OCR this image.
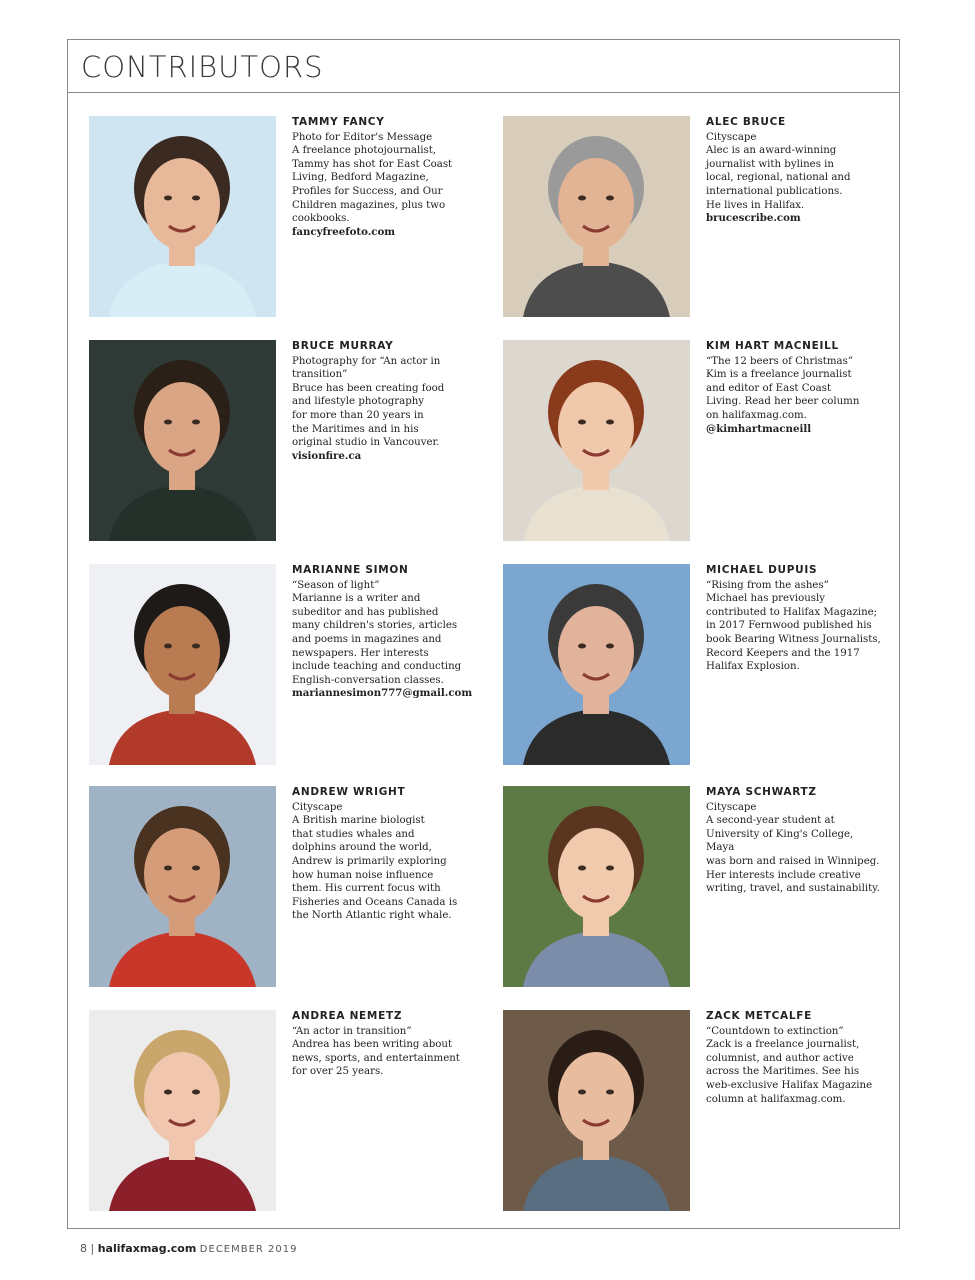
CONTRIBUTORS
TAMMY FANCY
Photo for Editor's Message
A freelance photojournalist,
Tammy has shot for East Coast
Living, Bedford Magazine,
Profiles for Success, and Our
Children magazines, plus two
cookbooks.
fancyfreefoto.com
ALEC BRUCE
Cityscape
Alec is an award-winning
journalist with bylines in
local, regional, national and
international publications.
He lives in Halifax.
brucescribe.com
BRUCE MURRAY
Photography for “An actor in
transition”
Bruce has been creating food
and lifestyle photography
for more than 20 years in
the Maritimes and in his
original studio in Vancouver.
visionfire.ca
KIM HART MACNEILL
“The 12 beers of Christmas”
Kim is a freelance journalist
and editor of East Coast
Living. Read her beer column
on halifaxmag.com.
@kimhartmacneill
MARIANNE SIMON
“Season of light”
Marianne is a writer and
subeditor and has published
many children's stories, articles
and poems in magazines and
newspapers. Her interests
include teaching and conducting
English-conversation classes.
mariannesimon777@gmail.com
MICHAEL DUPUIS
“Rising from the ashes”
Michael has previously
contributed to Halifax Magazine;
in 2017 Fernwood published his
book Bearing Witness Journalists,
Record Keepers and the 1917
Halifax Explosion.
ANDREW WRIGHT
Cityscape
A British marine biologist
that studies whales and
dolphins around the world,
Andrew is primarily exploring
how human noise influence
them. His current focus with
Fisheries and Oceans Canada is
the North Atlantic right whale.
MAYA SCHWARTZ
Cityscape
A second-year student at
University of King's College, Maya
was born and raised in Winnipeg.
Her interests include creative
writing, travel, and sustainability.
ANDREA NEMETZ
“An actor in transition”
Andrea has been writing about
news, sports, and entertainment
for over 25 years.
ZACK METCALFE
“Countdown to extinction”
Zack is a freelance journalist,
columnist, and author active
across the Maritimes. See his
web-exclusive Halifax Magazine
column at halifaxmag.com.
8 | halifaxmag.com DECEMBER 2019
